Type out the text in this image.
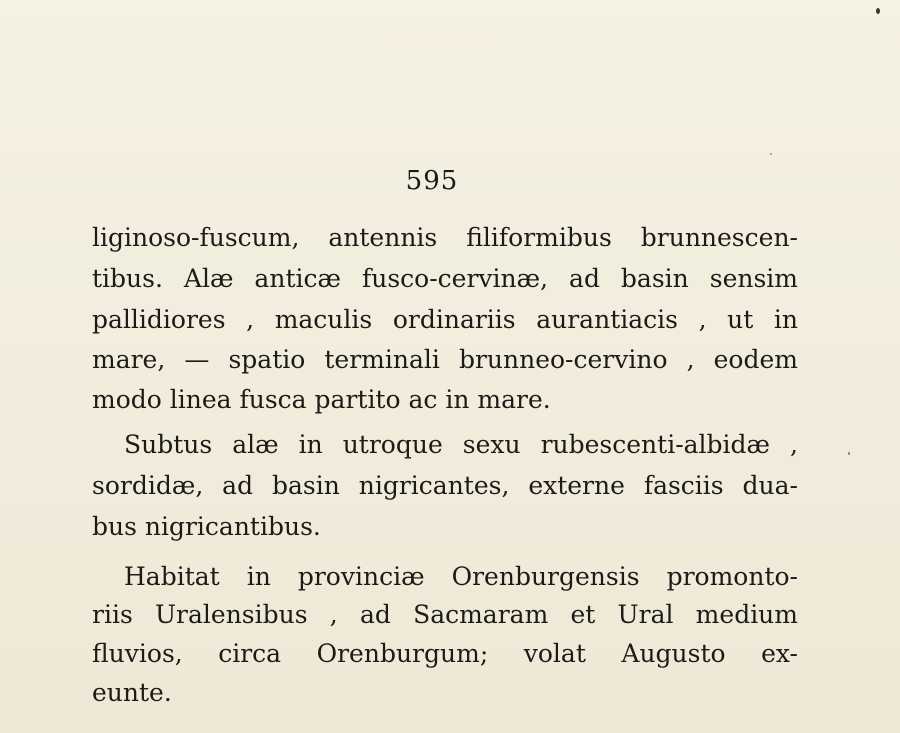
595
liginoso-fuscum, antennis filiformibus brunnescen-
tibus. Alæ anticæ fusco-cervinæ, ad basin sensim
pallidiores , maculis ordinariis aurantiacis , ut in
mare, — spatio terminali brunneo-cervino , eodem
modo linea fusca partito ac in mare.
Subtus alæ in utroque sexu rubescenti-albidæ ,
sordidæ, ad basin nigricantes, externe fasciis dua-
bus nigricantibus.
Habitat in provinciæ Orenburgensis promonto-
riis Uralensibus , ad Sacmaram et Ural medium
fluvios, circa Orenburgum; volat Augusto ex-
eunte.
